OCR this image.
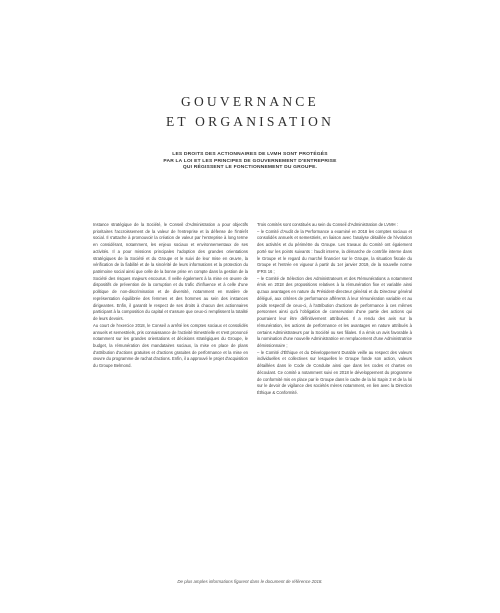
GOUVERNANCE
ET ORGANISATION
LES DROITS DES ACTIONNAIRES DE LVMH SONT PROTÉGÉS
PAR LA LOI ET LES PRINCIPES DE GOUVERNEMENT D'ENTREPRISE
QUI RÉGISSENT LE FONCTIONNEMENT DU GROUPE.

Instance stratégique de la Société, le Conseil d'Administration a pour objectifs prioritaires l'accroissement de la valeur de l'entreprise et la défense de l'intérêt social. Il s'attache à promouvoir la création de valeur par l'entreprise à long terme en considérant, notamment, les enjeux sociaux et environnementaux de ses activités. Il a pour missions principales l'adoption des grandes orientations stratégiques de la Société et du Groupe et le suivi de leur mise en œuvre, la vérification de la fiabilité et de la sincérité de leurs informations et la protection du patrimoine social ainsi que celle de la bonne prise en compte dans la gestion de la Société des risques majeurs encourus. Il veille également à la mise en œuvre de dispositifs de prévention de la corruption et du trafic d'influence et à celle d'une politique de non-discrimination et de diversité, notamment en matière de représentation équilibrée des femmes et des hommes au sein des instances dirigeantes. Enfin, il garantit le respect de ses droits à chacun des actionnaires participant à la composition du capital et s'assure que ceux-ci remplissent la totalité de leurs devoirs.

Au court de l'exercice 2018, le Conseil a arrêté les comptes sociaux et consolidés annuels et semestriels, pris connaissance de l'activité trimestrielle et s'est prononcé notamment sur les grandes orientations et décisions stratégiques du Groupe, le budget, la rémunération des mandataires sociaux, la mise en place de plans d'attribution d'actions gratuites et d'actions gratuites de performance et la mise en œuvre du programme de rachat d'actions. Enfin, il a approuvé le projet d'acquisition du Groupe Belmond.

Trois comités sont constitués au sein du Conseil d'Administration de LVMH :

– le Comité d'Audit de la Performance a examiné en 2018 les comptes sociaux et consolidés annuels et semestriels, en liaison avec l'analyse détaillée de l'évolution des activités et du périmètre du Groupe. Les travaux du Comité ont également porté sur les points suivants : l'audit interne, la démarche de contrôle interne dans le Groupe et le regard du marché financier sur le Groupe, la situation fiscale du Groupe et l'entrée en vigueur à partir du 1er janvier 2019, de la nouvelle norme IFRS 16 ;

– le Comité de Sélection des Administrateurs et des Rémunérations a notamment émis en 2018 des propositions relatives à la rémunération fixe et variable ainsi qu'aux avantages en nature du Président-directeur général et du Directeur général délégué, aux critères de performance afférents à leur rémunération variable et au poids respectif de ceux-ci, à l'attribution d'actions de performance à ces mêmes personnes ainsi qu'à l'obligation de conservation d'une partie des actions qui pourraient leur être définitivement attribuées. Il a rendu des avis sur la rémunération, les actions de performance et les avantages en nature attribués à certains Administrateurs par la Société ou ses filiales. Il a émis un avis favorable à la nomination d'une nouvelle Administratrice en remplacement d'une Administratrice démissionnaire ;

– le Comité d'Éthique et du Développement Durable veille au respect des valeurs individuelles et collectives sur lesquelles le Groupe fonde son action, valeurs détaillées dans le Code de Conduite ainsi que dans les codes et chartes en découlant. Ce comité a notamment suivi en 2018 le développement du programme de conformité mis en place par le Groupe dans le cadre de la loi Sapin 2 et de la loi sur le devoir de vigilance des sociétés mères notamment, en lien avec la Direction Éthique & Conformité.

De plus amples informations figurent dans le document de référence 2018.
